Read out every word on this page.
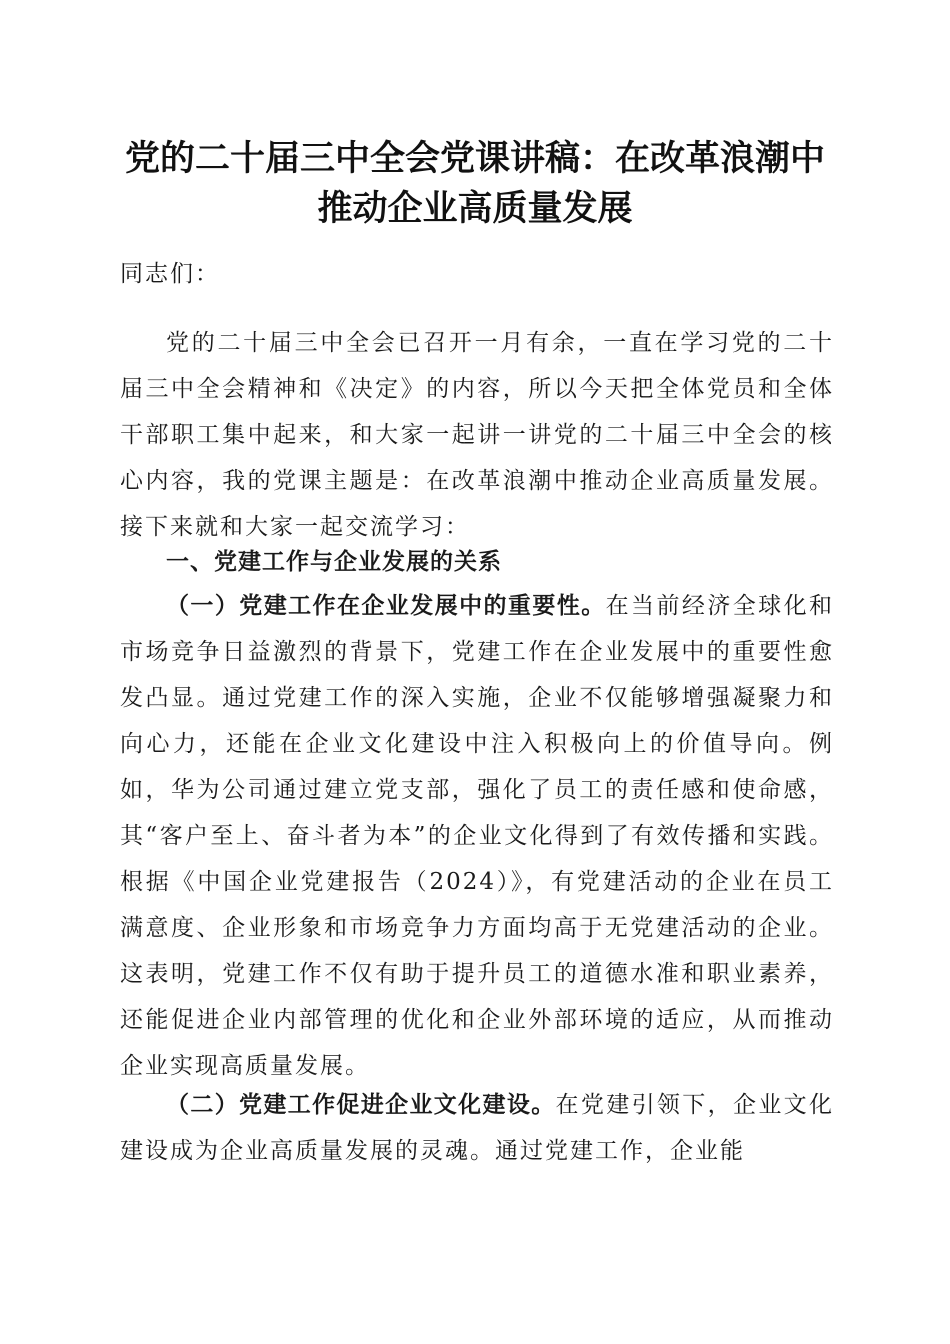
党的二十届三中全会党课讲稿：在改革浪潮中
推动企业高质量发展
同志们：

党的二十届三中全会已召开一月有余，一直在学习党的二十届三中全会精神和《决定》的内容，所以今天把全体党员和全体干部职工集中起来，和大家一起讲一讲党的二十届三中全会的核心内容，我的党课主题是：在改革浪潮中推动企业高质量发展。接下来就和大家一起交流学习：

一、党建工作与企业发展的关系

（一）党建工作在企业发展中的重要性。在当前经济全球化和市场竞争日益激烈的背景下，党建工作在企业发展中的重要性愈发凸显。通过党建工作的深入实施，企业不仅能够增强凝聚力和向心力，还能在企业文化建设中注入积极向上的价值导向。例如，华为公司通过建立党支部，强化了员工的责任感和使命感，其“客户至上、奋斗者为本”的企业文化得到了有效传播和实践。根据《中国企业党建报告（2024）》，有党建活动的企业在员工满意度、企业形象和市场竞争力方面均高于无党建活动的企业。这表明，党建工作不仅有助于提升员工的道德水准和职业素养，还能促进企业内部管理的优化和企业外部环境的适应，从而推动企业实现高质量发展。

（二）党建工作促进企业文化建设。在党建引领下，企业文化建设成为企业高质量发展的灵魂。通过党建工作，企业能
